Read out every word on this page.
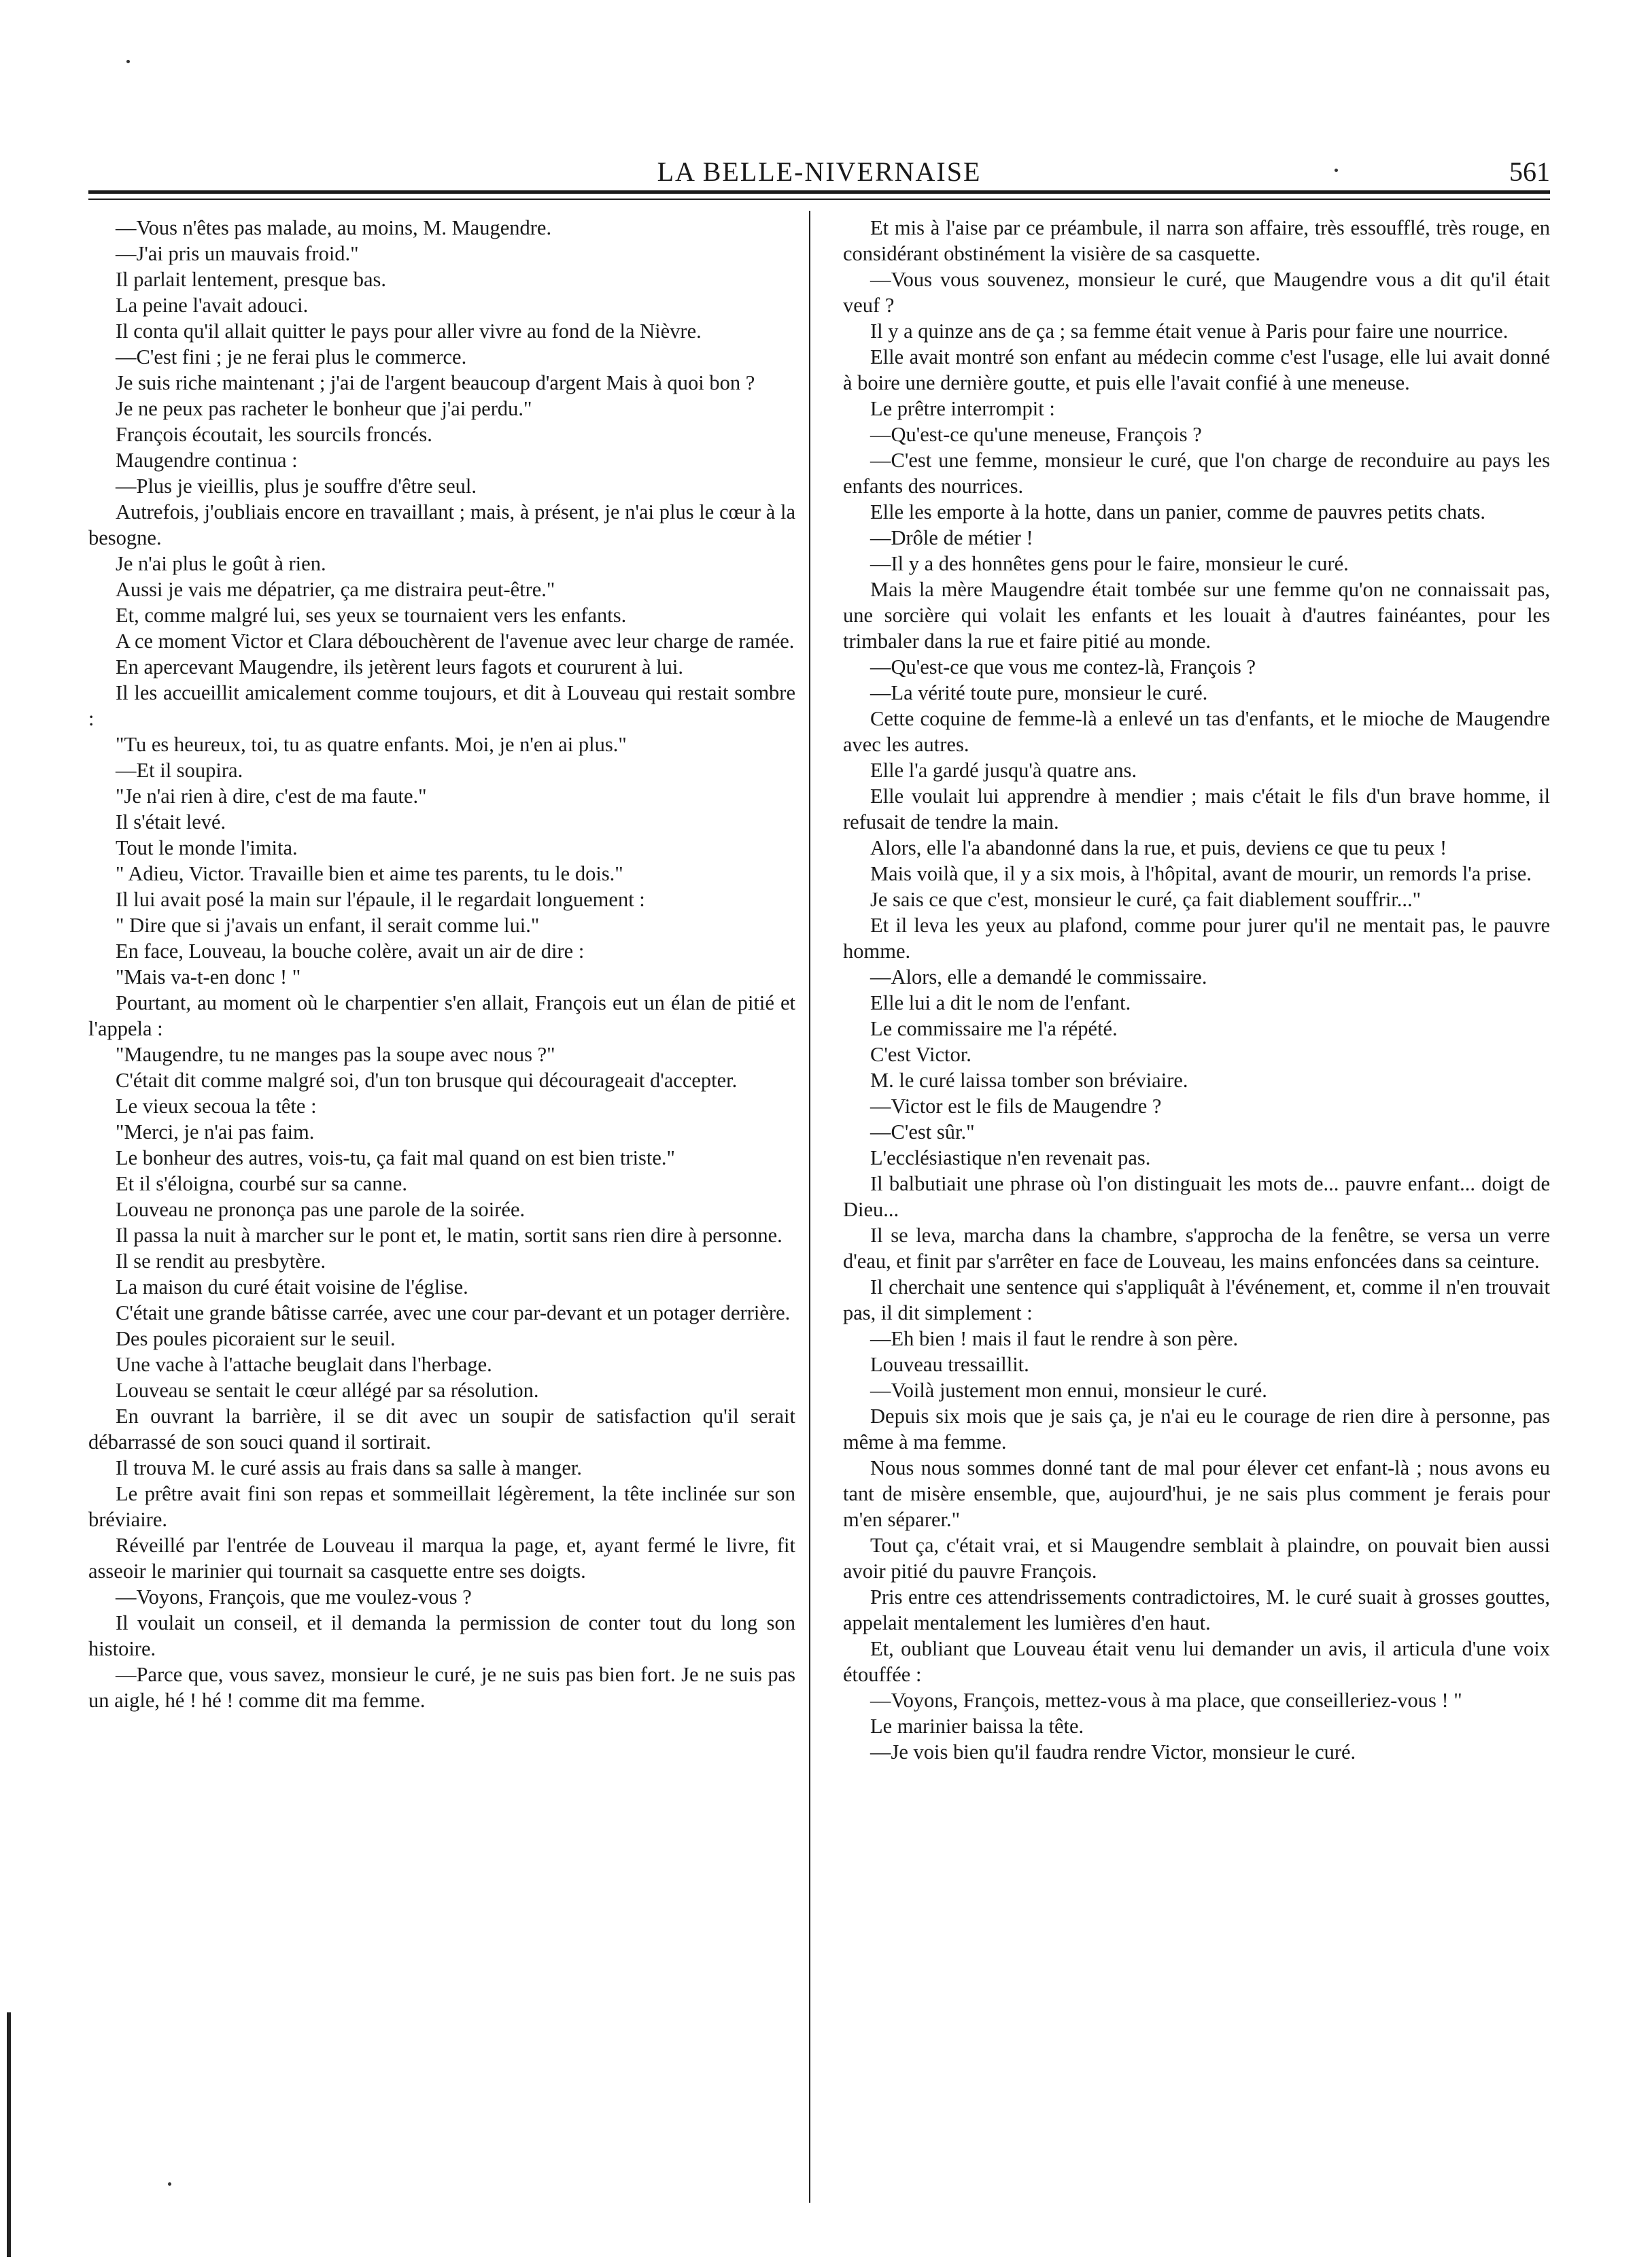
LA BELLE-NIVERNAISE	561

—Vous n'êtes pas malade, au moins, M. Maugendre.

—J'ai pris un mauvais froid."

Il parlait lentement, presque bas.

La peine l'avait adouci.

Il conta qu'il allait quitter le pays pour aller vivre au fond de la Nièvre.

—C'est fini ; je ne ferai plus le commerce.

Je suis riche maintenant ; j'ai de l'argent beaucoup d'argent Mais à quoi bon ?

Je ne peux pas racheter le bonheur que j'ai perdu."

François écoutait, les sourcils froncés.

Maugendre continua :

—Plus je vieillis, plus je souffre d'être seul.

Autrefois, j'oubliais encore en travaillant ; mais, à présent, je n'ai plus le cœur à la besogne.

Je n'ai plus le goût à rien.

Aussi je vais me dépatrier, ça me distraira peut-être."

Et, comme malgré lui, ses yeux se tournaient vers les enfants.

A ce moment Victor et Clara débouchèrent de l'avenue avec leur charge de ramée.

En apercevant Maugendre, ils jetèrent leurs fagots et coururent à lui.

Il les accueillit amicalement comme toujours, et dit à Louveau qui restait sombre :

"Tu es heureux, toi, tu as quatre enfants. Moi, je n'en ai plus."

—Et il soupira.

"Je n'ai rien à dire, c'est de ma faute."

Il s'était levé.

Tout le monde l'imita.

" Adieu, Victor. Travaille bien et aime tes parents, tu le dois."

Il lui avait posé la main sur l'épaule, il le regardait longuement :

" Dire que si j'avais un enfant, il serait comme lui."

En face, Louveau, la bouche colère, avait un air de dire :

"Mais va-t-en donc ! "

Pourtant, au moment où le charpentier s'en allait, François eut un élan de pitié et l'appela :

"Maugendre, tu ne manges pas la soupe avec nous ?"

C'était dit comme malgré soi, d'un ton brusque qui décourageait d'accepter.

Le vieux secoua la tête :

"Merci, je n'ai pas faim.

Le bonheur des autres, vois-tu, ça fait mal quand on est bien triste."

Et il s'éloigna, courbé sur sa canne.

Louveau ne prononça pas une parole de la soirée.

Il passa la nuit à marcher sur le pont et, le matin, sortit sans rien dire à personne.

Il se rendit au presbytère.

La maison du curé était voisine de l'église.

C'était une grande bâtisse carrée, avec une cour par-devant et un potager derrière.

Des poules picoraient sur le seuil.

Une vache à l'attache beuglait dans l'herbage.

Louveau se sentait le cœur allégé par sa résolution.

En ouvrant la barrière, il se dit avec un soupir de satisfaction qu'il serait débarrassé de son souci quand il sortirait.

Il trouva M. le curé assis au frais dans sa salle à manger.

Le prêtre avait fini son repas et sommeillait légèrement, la tête inclinée sur son bréviaire.

Réveillé par l'entrée de Louveau il marqua la page, et, ayant fermé le livre, fit asseoir le marinier qui tournait sa casquette entre ses doigts.

—Voyons, François, que me voulez-vous ?

Il voulait un conseil, et il demanda la permission de conter tout du long son histoire.

—Parce que, vous savez, monsieur le curé, je ne suis pas bien fort. Je ne suis pas un aigle, hé ! hé ! comme dit ma femme.

Et mis à l'aise par ce préambule, il narra son affaire, très essoufflé, très rouge, en considérant obstinément la visière de sa casquette.

—Vous vous souvenez, monsieur le curé, que Maugendre vous a dit qu'il était veuf ?

Il y a quinze ans de ça ; sa femme était venue à Paris pour faire une nourrice.

Elle avait montré son enfant au médecin comme c'est l'usage, elle lui avait donné à boire une dernière goutte, et puis elle l'avait confié à une meneuse.

Le prêtre interrompit :

—Qu'est-ce qu'une meneuse, François ?

—C'est une femme, monsieur le curé, que l'on charge de reconduire au pays les enfants des nourrices.

Elle les emporte à la hotte, dans un panier, comme de pauvres petits chats.

—Drôle de métier !

—Il y a des honnêtes gens pour le faire, monsieur le curé.

Mais la mère Maugendre était tombée sur une femme qu'on ne connaissait pas, une sorcière qui volait les enfants et les louait à d'autres fainéantes, pour les trimbaler dans la rue et faire pitié au monde.

—Qu'est-ce que vous me contez-là, François ?

—La vérité toute pure, monsieur le curé.

Cette coquine de femme-là a enlevé un tas d'enfants, et le mioche de Maugendre avec les autres.

Elle l'a gardé jusqu'à quatre ans.

Elle voulait lui apprendre à mendier ; mais c'était le fils d'un brave homme, il refusait de tendre la main.

Alors, elle l'a abandonné dans la rue, et puis, deviens ce que tu peux !

Mais voilà que, il y a six mois, à l'hôpital, avant de mourir, un remords l'a prise.

Je sais ce que c'est, monsieur le curé, ça fait diablement souffrir..."

Et il leva les yeux au plafond, comme pour jurer qu'il ne mentait pas, le pauvre homme.

—Alors, elle a demandé le commissaire.

Elle lui a dit le nom de l'enfant.

Le commissaire me l'a répété.

C'est Victor.

M. le curé laissa tomber son bréviaire.

—Victor est le fils de Maugendre ?

—C'est sûr."

L'ecclésiastique n'en revenait pas.

Il balbutiait une phrase où l'on distinguait les mots de... pauvre enfant... doigt de Dieu...

Il se leva, marcha dans la chambre, s'approcha de la fenêtre, se versa un verre d'eau, et finit par s'arrêter en face de Louveau, les mains enfoncées dans sa ceinture.

Il cherchait une sentence qui s'appliquât à l'événement, et, comme il n'en trouvait pas, il dit simplement :

—Eh bien ! mais il faut le rendre à son père.

Louveau tressaillit.

—Voilà justement mon ennui, monsieur le curé.

Depuis six mois que je sais ça, je n'ai eu le courage de rien dire à personne, pas même à ma femme.

Nous nous sommes donné tant de mal pour élever cet enfant-là ; nous avons eu tant de misère ensemble, que, aujourd'hui, je ne sais plus comment je ferais pour m'en séparer."

Tout ça, c'était vrai, et si Maugendre semblait à plaindre, on pouvait bien aussi avoir pitié du pauvre François.

Pris entre ces attendrissements contradictoires, M. le curé suait à grosses gouttes, appelait mentalement les lumières d'en haut.

Et, oubliant que Louveau était venu lui demander un avis, il articula d'une voix étouffée :

—Voyons, François, mettez-vous à ma place, que conseilleriez-vous ! "

Le marinier baissa la tête.

—Je vois bien qu'il faudra rendre Victor, monsieur le curé.
